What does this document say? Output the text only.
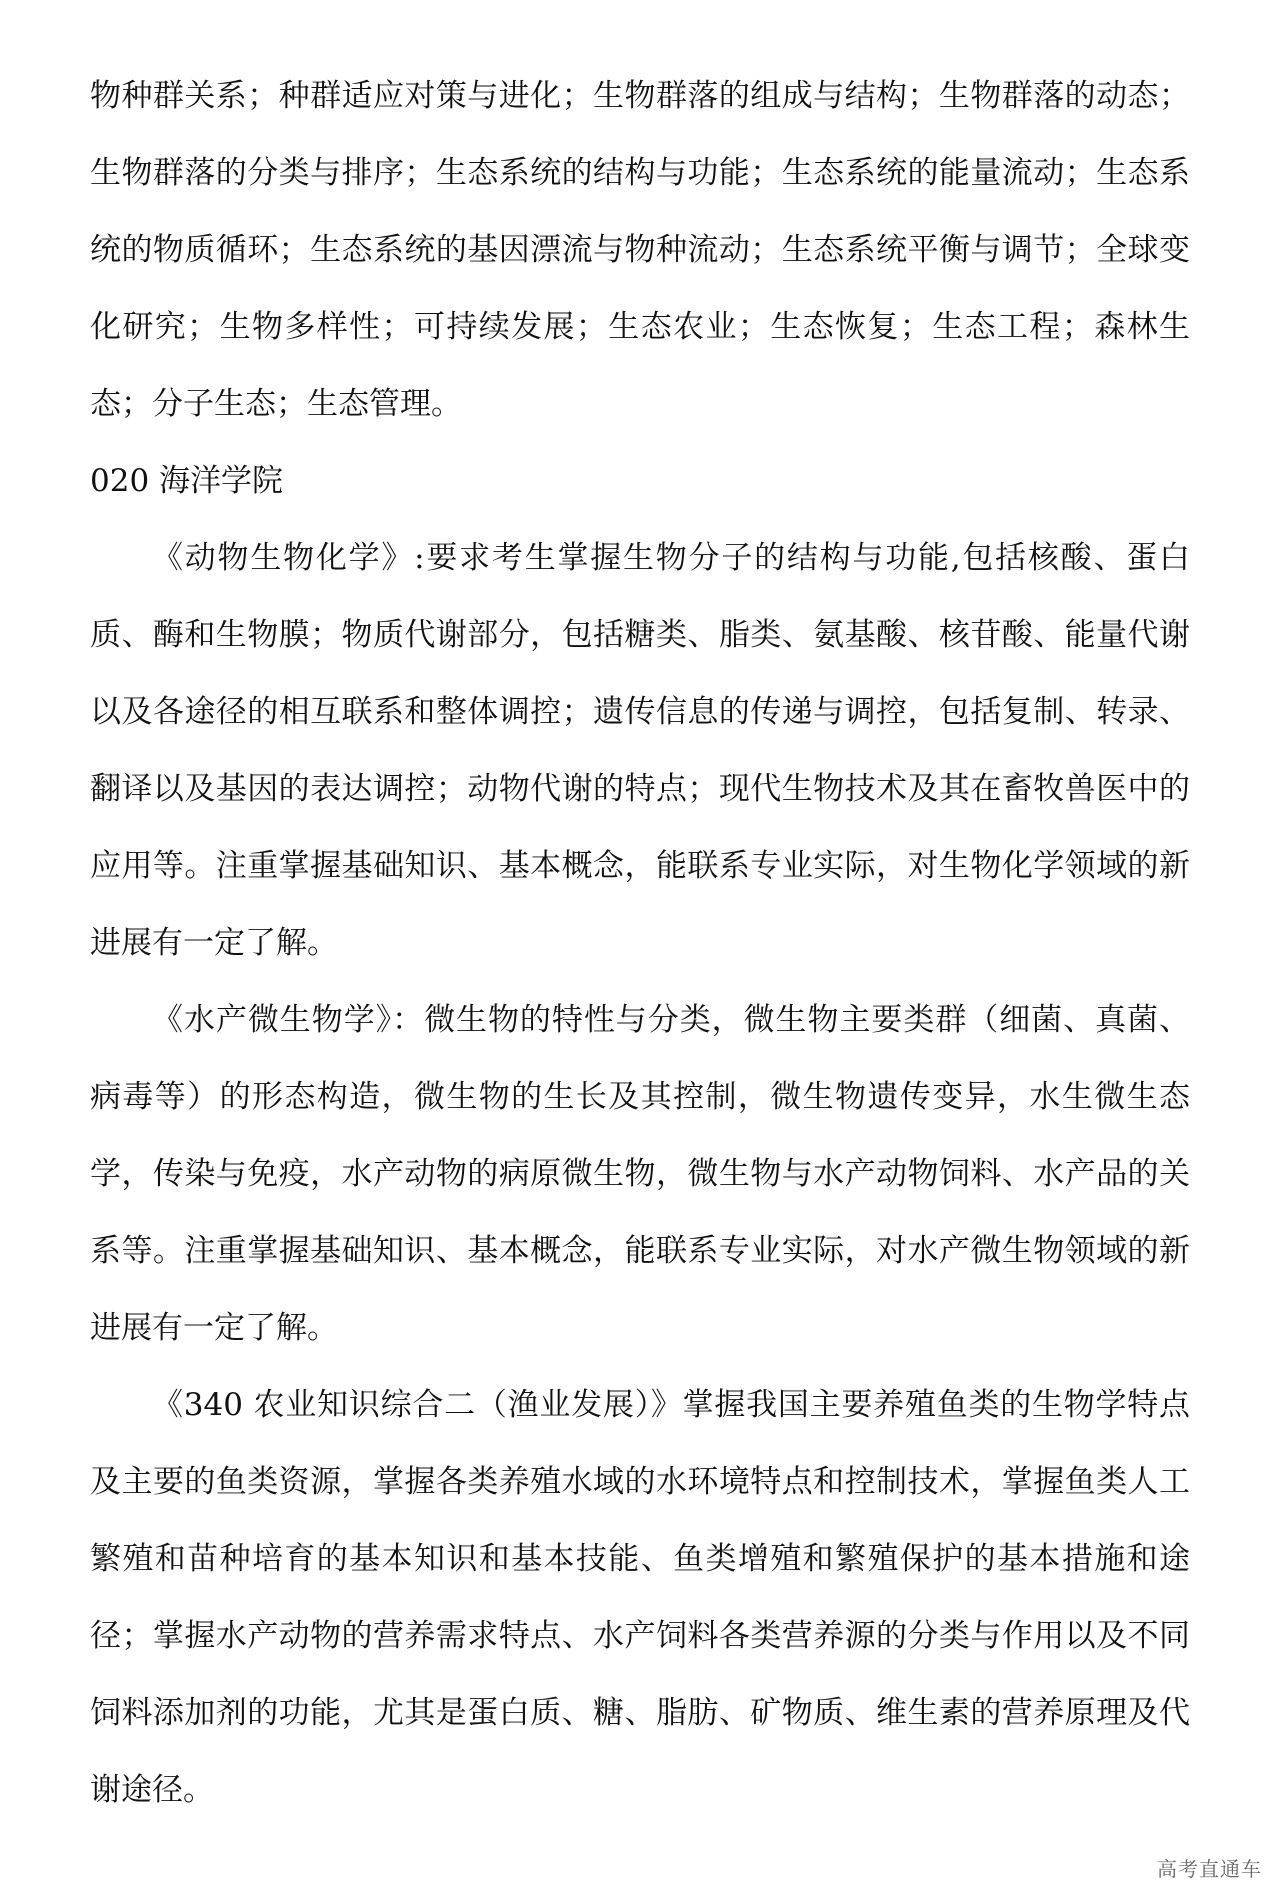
物种群关系；种群适应对策与进化；生物群落的组成与结构；生物群落的动态；生物群落的分类与排序；生态系统的结构与功能；生态系统的能量流动；生态系统的物质循环；生态系统的基因漂流与物种流动；生态系统平衡与调节；全球变化研究；生物多样性；可持续发展；生态农业；生态恢复；生态工程；森林生态；分子生态；生态管理。

020 海洋学院

《动物生物化学》:要求考生掌握生物分子的结构与功能,包括核酸、蛋白质、酶和生物膜；物质代谢部分，包括糖类、脂类、氨基酸、核苷酸、能量代谢以及各途径的相互联系和整体调控；遗传信息的传递与调控，包括复制、转录、翻译以及基因的表达调控；动物代谢的特点；现代生物技术及其在畜牧兽医中的应用等。注重掌握基础知识、基本概念，能联系专业实际，对生物化学领域的新进展有一定了解。

《水产微生物学》：微生物的特性与分类，微生物主要类群（细菌、真菌、病毒等）的形态构造，微生物的生长及其控制，微生物遗传变异，水生微生态学，传染与免疫，水产动物的病原微生物，微生物与水产动物饲料、水产品的关系等。注重掌握基础知识、基本概念，能联系专业实际，对水产微生物领域的新进展有一定了解。

《340 农业知识综合二（渔业发展）》掌握我国主要养殖鱼类的生物学特点及主要的鱼类资源，掌握各类养殖水域的水环境特点和控制技术，掌握鱼类人工繁殖和苗种培育的基本知识和基本技能、鱼类增殖和繁殖保护的基本措施和途径；掌握水产动物的营养需求特点、水产饲料各类营养源的分类与作用以及不同饲料添加剂的功能，尤其是蛋白质、糖、脂肪、矿物质、维生素的营养原理及代谢途径。

高考直通车
